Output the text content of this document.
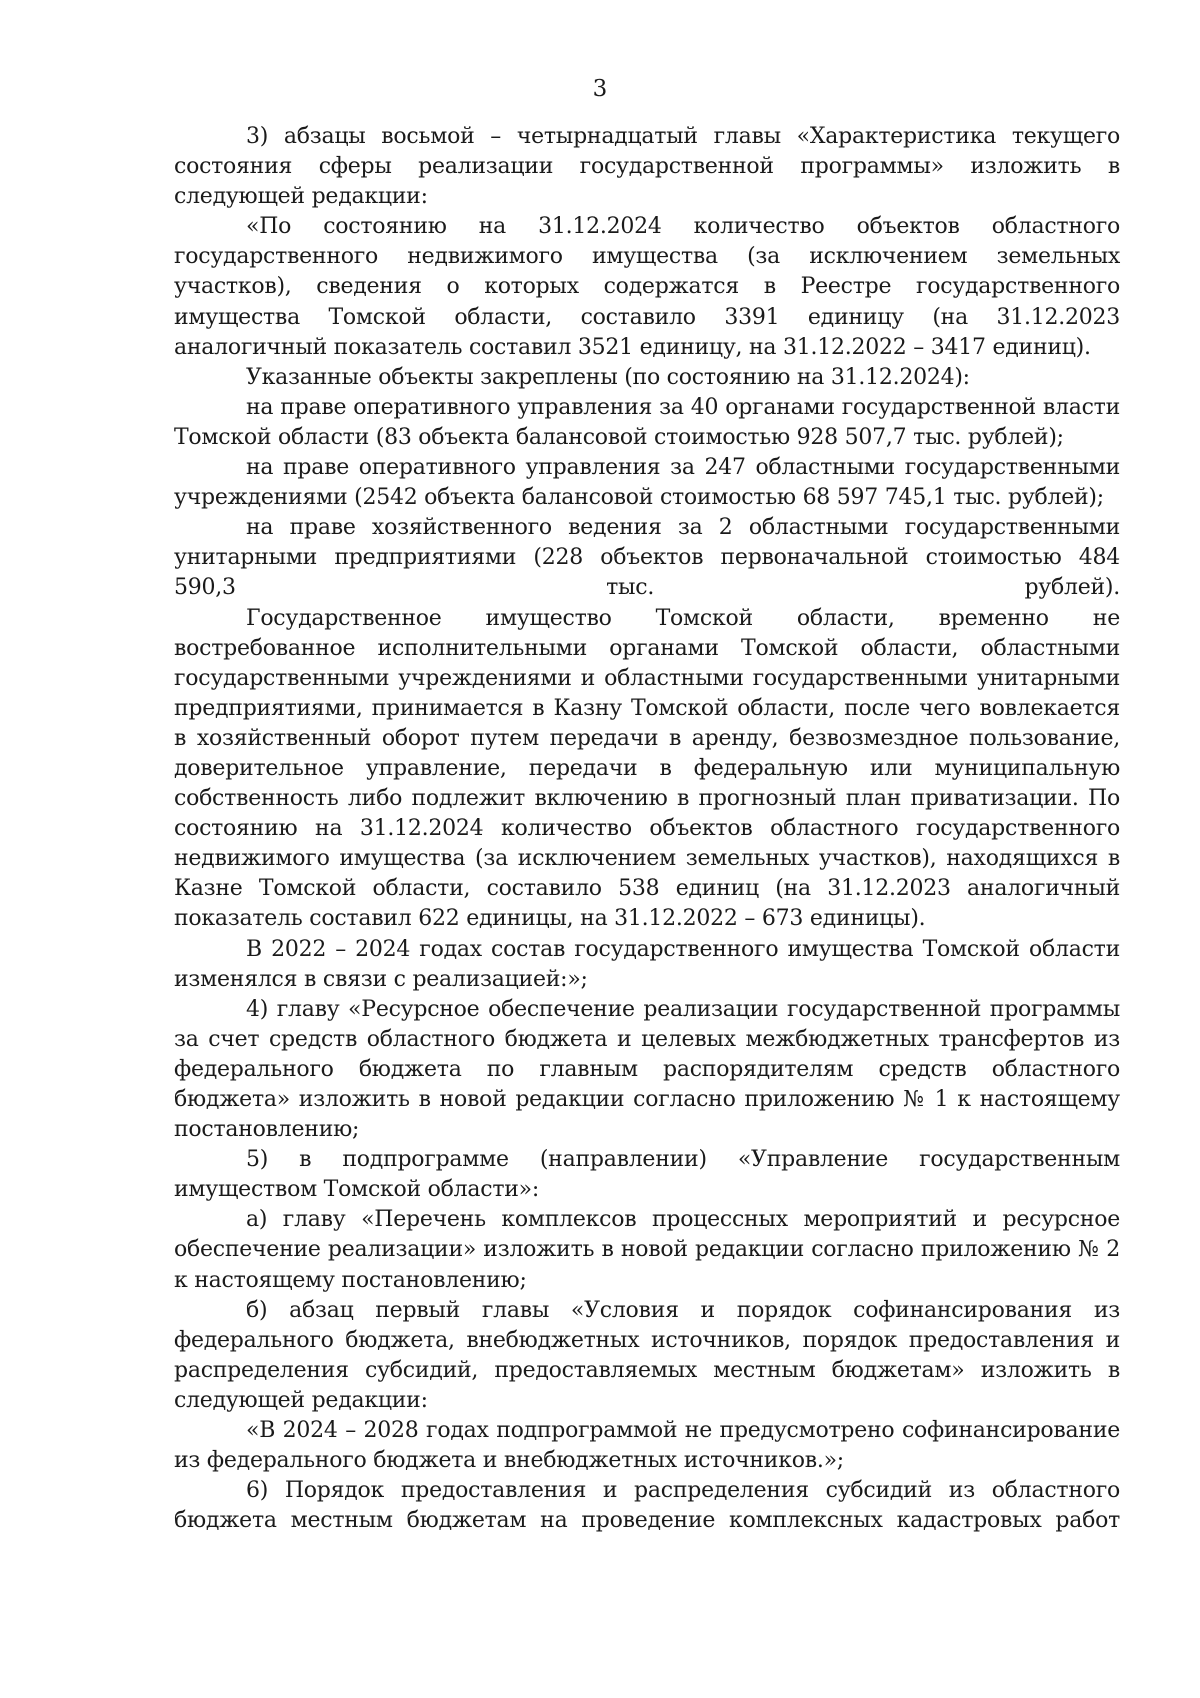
3

3) абзацы восьмой – четырнадцатый главы «Характеристика текущего состояния сферы реализации государственной программы» изложить в следующей редакции:

«По состоянию на 31.12.2024 количество объектов областного государственного недвижимого имущества (за исключением земельных участков), сведения о которых содержатся в Реестре государственного имущества Томской области, составило 3391 единицу (на 31.12.2023 аналогичный показатель составил 3521 единицу, на 31.12.2022 – 3417 единиц).

Указанные объекты закреплены (по состоянию на 31.12.2024):

на праве оперативного управления за 40 органами государственной власти Томской области (83 объекта балансовой стоимостью 928 507,7 тыс. рублей);

на праве оперативного управления за 247 областными государственными учреждениями (2542 объекта балансовой стоимостью 68 597 745,1 тыс. рублей);

на праве хозяйственного ведения за 2 областными государственными унитарными предприятиями (228 объектов первоначальной стоимостью 484 590,3 тыс. рублей).

Государственное имущество Томской области, временно не востребованное исполнительными органами Томской области, областными государственными учреждениями и областными государственными унитарными предприятиями, принимается в Казну Томской области, после чего вовлекается в хозяйственный оборот путем передачи в аренду, безвозмездное пользование, доверительное управление, передачи в федеральную или муниципальную собственность либо подлежит включению в прогнозный план приватизации. По состоянию на 31.12.2024 количество объектов областного государственного недвижимого имущества (за исключением земельных участков), находящихся в Казне Томской области, составило 538 единиц (на 31.12.2023 аналогичный показатель составил 622 единицы, на 31.12.2022 – 673 единицы).

В 2022 – 2024 годах состав государственного имущества Томской области изменялся в связи с реализацией:»;

4) главу «Ресурсное обеспечение реализации государственной программы за счет средств областного бюджета и целевых межбюджетных трансфертов из федерального бюджета по главным распорядителям средств областного бюджета» изложить в новой редакции согласно приложению № 1 к настоящему постановлению;

5) в подпрограмме (направлении) «Управление государственным имуществом Томской области»:

а) главу «Перечень комплексов процессных мероприятий и ресурсное обеспечение реализации» изложить в новой редакции согласно приложению № 2 к настоящему постановлению;

б) абзац первый главы «Условия и порядок софинансирования из федерального бюджета, внебюджетных источников, порядок предоставления и распределения субсидий, предоставляемых местным бюджетам» изложить в следующей редакции:

«В 2024 – 2028 годах подпрограммой не предусмотрено софинансирование из федерального бюджета и внебюджетных источников.»;

6) Порядок предоставления и распределения субсидий из областного бюджета местным бюджетам на проведение комплексных кадастровых работ
